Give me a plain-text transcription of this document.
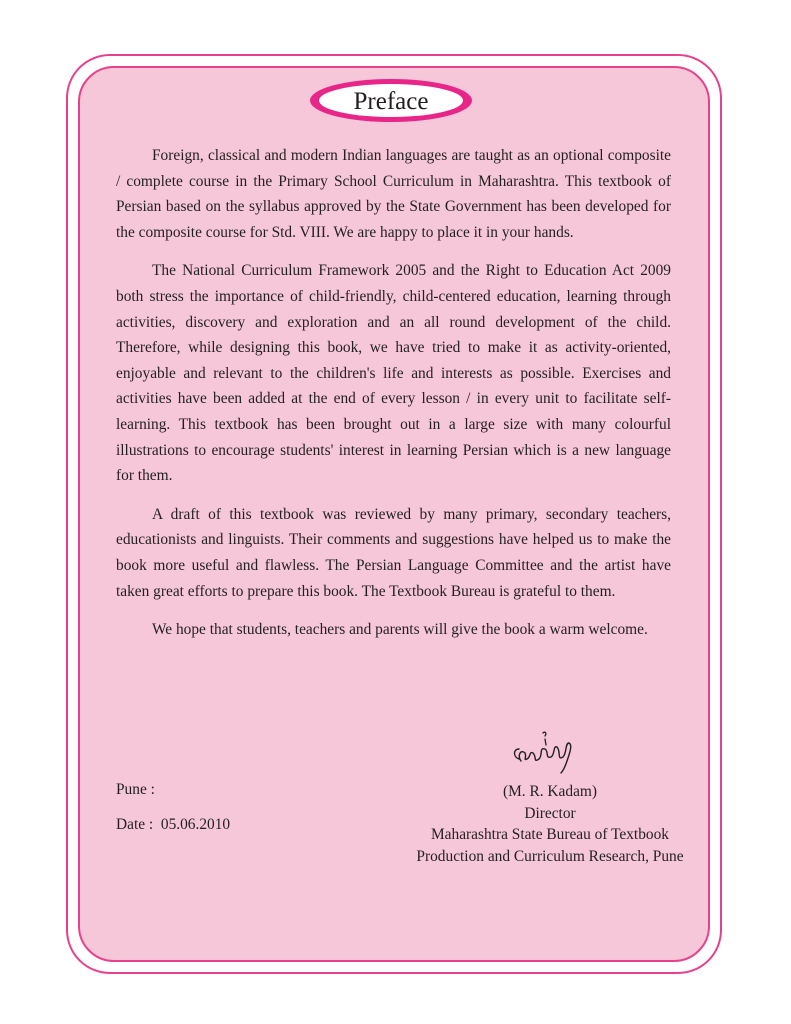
Preface

Foreign, classical and modern Indian languages are taught as an optional composite / complete course in the Primary School Curriculum in Maharashtra. This textbook of Persian based on the syllabus approved by the State Government has been developed for the composite course for Std. VIII. We are happy to place it in your hands.

The National Curriculum Framework 2005 and the Right to Education Act 2009 both stress the importance of child-friendly, child-centered education, learning through activities, discovery and exploration and an all round development of the child. Therefore, while designing this book, we have tried to make it as activity-oriented, enjoyable and relevant to the children's life and interests as possible. Exercises and activities have been added at the end of every lesson / in every unit to facilitate self-learning. This textbook has been brought out in a large size with many colourful illustrations to encourage students' interest in learning Persian which is a new language for them.

A draft of this textbook was reviewed by many primary, secondary teachers, educationists and linguists. Their comments and suggestions have helped us to make the book more useful and flawless. The Persian Language Committee and the artist have taken great efforts to prepare this book. The Textbook Bureau is grateful to them.

We hope that students, teachers and parents will give the book a warm welcome.

Pune :
Date :  05.06.2010
(M. R. Kadam)
Director
Maharashtra State Bureau of Textbook
Production and Curriculum Research, Pune
